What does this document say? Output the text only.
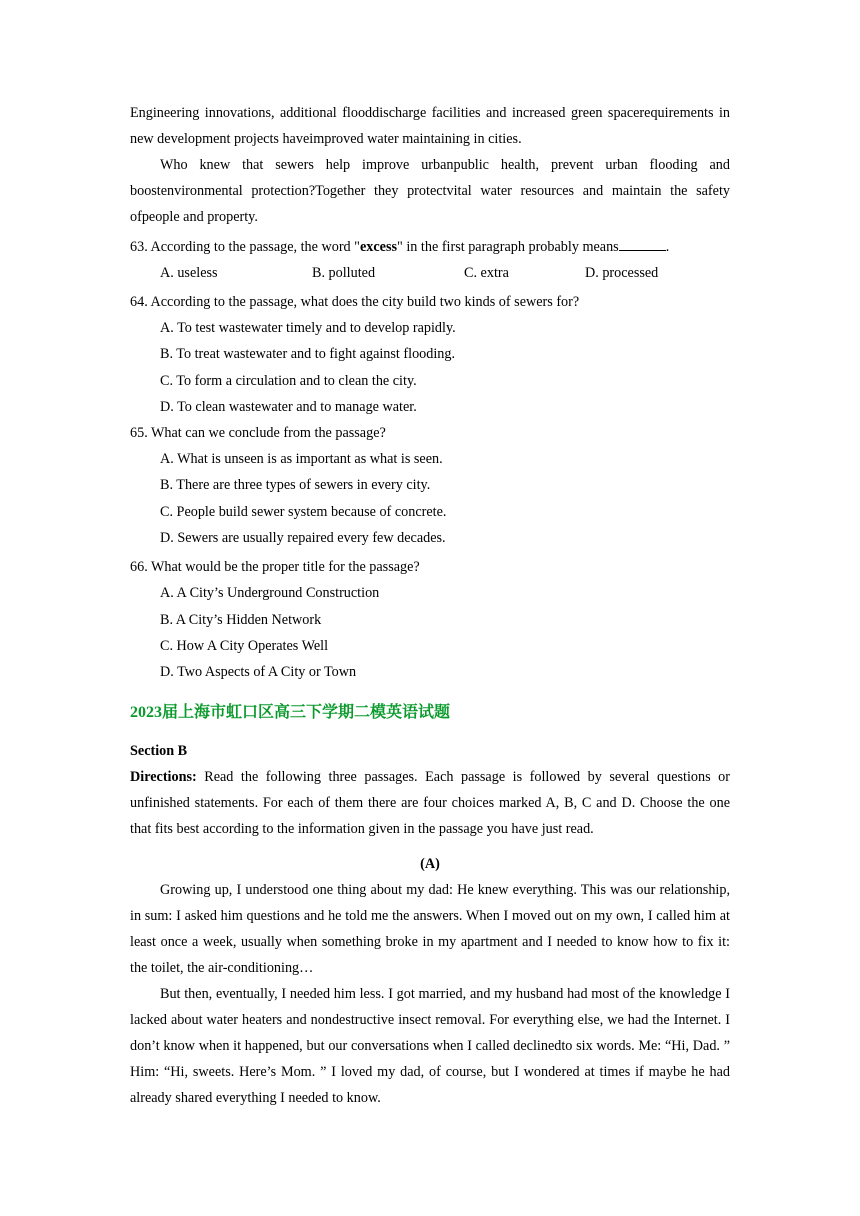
Engineering innovations, additional flooddischarge facilities and increased green spacerequirements in new development projects haveimproved water maintaining in cities.

Who knew that sewers help improve urbanpublic health, prevent urban flooding and boostenvironmental protection?Together they protectvital water resources and maintain the safety ofpeople and property.

63. According to the passage, the word "excess" in the first paragraph probably means	.

A. useless	B. polluted	C. extra	D. processed

64. According to the passage, what does the city build two kinds of sewers for?

A. To test wastewater timely and to develop rapidly.

B. To treat wastewater and to fight against flooding.

C. To form a circulation and to clean the city.

D. To clean wastewater and to manage water.

65. What can we conclude from the passage?

A. What is unseen is as important as what is seen.

B. There are three types of sewers in every city.

C. People build sewer system because of concrete.

D. Sewers are usually repaired every few decades.

66. What would be the proper title for the passage?

A. A City’s Underground Construction

B. A City’s Hidden Network

C. How A City Operates Well

D. Two Aspects of A City or Town

2023届上海市虹口区高三下学期二模英语试题

Section B

Directions: Read the following three passages. Each passage is followed by several questions or unfinished statements. For each of them there are four choices marked A, B, C and D. Choose the one that fits best according to the information given in the passage you have just read.

(A)

Growing up, I understood one thing about my dad: He knew everything. This was our relationship, in sum: I asked him questions and he told me the answers. When I moved out on my own, I called him at least once a week, usually when something broke in my apartment and I needed to know how to fix it: the toilet, the air-conditioning…

But then, eventually, I needed him less. I got married, and my husband had most of the knowledge I lacked about water heaters and nondestructive insect removal. For everything else, we had the Internet. I don’t know when it happened, but our conversations when I called declinedto six words. Me: “Hi, Dad. ” Him: “Hi, sweets. Here’s Mom. ” I loved my dad, of course, but I wondered at times if maybe he had already shared everything I needed to know.
